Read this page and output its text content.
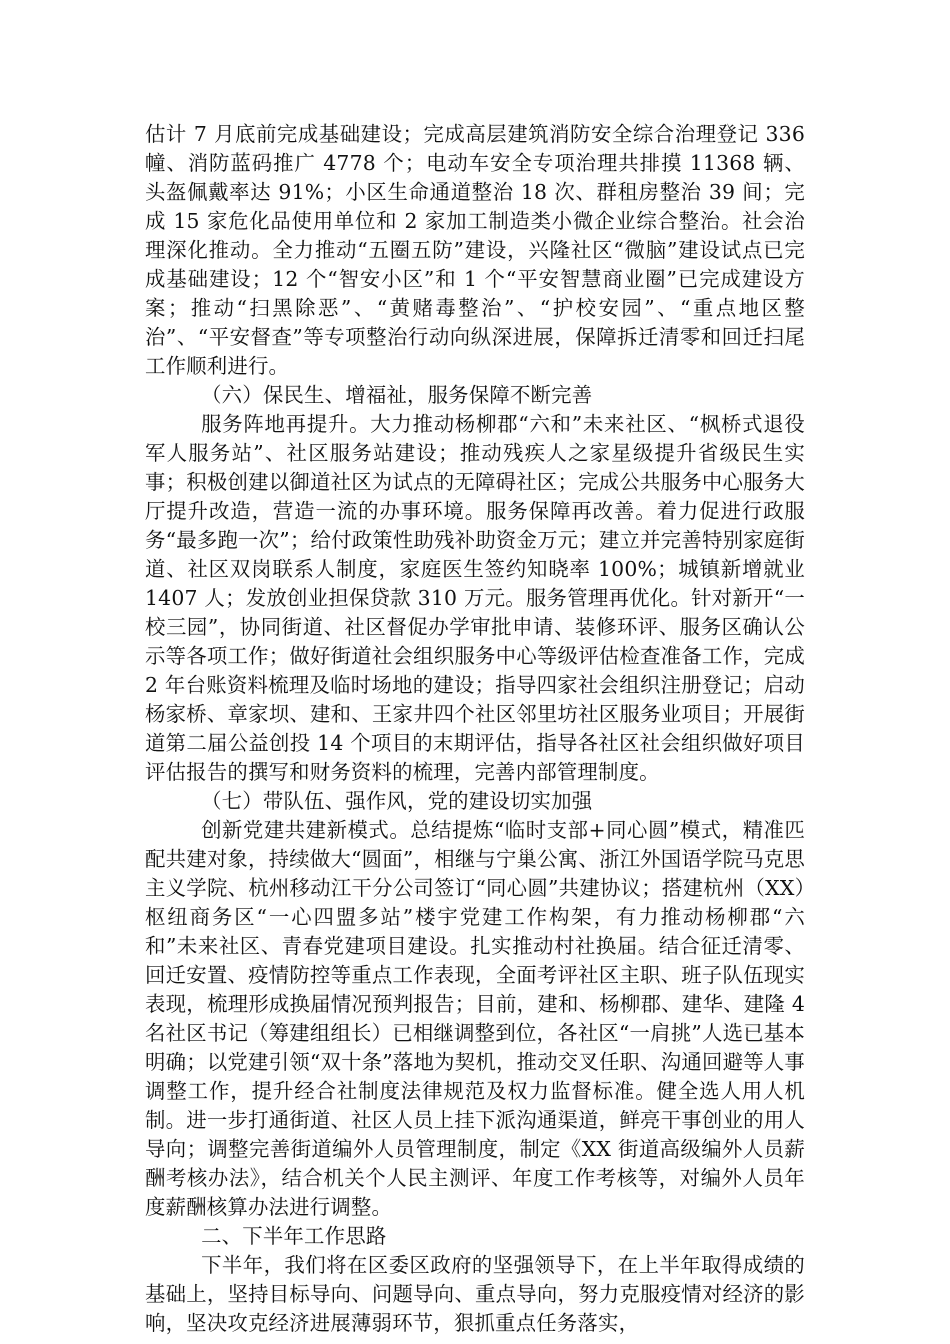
估计 7 月底前完成基础建设；完成高层建筑消防安全综合治理登记 336 幢、消防蓝码推广 4778 个；电动车安全专项治理共排摸 11368 辆、头盔佩戴率达 91%；小区生命通道整治 18 次、群租房整治 39 间；完成 15 家危化品使用单位和 2 家加工制造类小微企业综合整治。社会治理深化推动。全力推动“五圈五防”建设，兴隆社区“微脑”建设试点已完成基础建设；12 个“智安小区”和 1 个“平安智慧商业圈”已完成建设方案；推动“扫黑除恶”、“黄赌毒整治”、“护校安园”、“重点地区整治”、“平安督查”等专项整治行动向纵深进展，保障拆迁清零和回迁扫尾工作顺利进行。

（六）保民生、增福祉，服务保障不断完善

服务阵地再提升。大力推动杨柳郡“六和”未来社区、“枫桥式退役军人服务站”、社区服务站建设；推动残疾人之家星级提升省级民生实事；积极创建以御道社区为试点的无障碍社区；完成公共服务中心服务大厅提升改造，营造一流的办事环境。服务保障再改善。着力促进行政服务“最多跑一次”；给付政策性助残补助资金万元；建立并完善特别家庭街道、社区双岗联系人制度，家庭医生签约知晓率 100%；城镇新增就业 1407 人；发放创业担保贷款 310 万元。服务管理再优化。针对新开“一校三园”，协同街道、社区督促办学审批申请、装修环评、服务区确认公示等各项工作；做好街道社会组织服务中心等级评估检查准备工作，完成 2 年台账资料梳理及临时场地的建设；指导四家社会组织注册登记；启动杨家桥、章家坝、建和、王家井四个社区邻里坊社区服务业项目；开展街道第二届公益创投 14 个项目的末期评估，指导各社区社会组织做好项目评估报告的撰写和财务资料的梳理，完善内部管理制度。

（七）带队伍、强作风，党的建设切实加强

创新党建共建新模式。总结提炼“临时支部+同心圆”模式，精准匹配共建对象，持续做大“圆面”，相继与宁巢公寓、浙江外国语学院马克思主义学院、杭州移动江干分公司签订“同心圆”共建协议；搭建杭州（XX）枢纽商务区“一心四盟多站”楼宇党建工作构架，有力推动杨柳郡“六和”未来社区、青春党建项目建设。扎实推动村社换届。结合征迁清零、回迁安置、疫情防控等重点工作表现，全面考评社区主职、班子队伍现实表现，梳理形成换届情况预判报告；目前，建和、杨柳郡、建华、建隆 4 名社区书记（筹建组组长）已相继调整到位，各社区“一肩挑”人选已基本明确；以党建引领“双十条”落地为契机，推动交叉任职、沟通回避等人事调整工作，提升经合社制度法律规范及权力监督标准。健全选人用人机制。进一步打通街道、社区人员上挂下派沟通渠道，鲜亮干事创业的用人导向；调整完善街道编外人员管理制度，制定《XX 街道高级编外人员薪酬考核办法》，结合机关个人民主测评、年度工作考核等，对编外人员年度薪酬核算办法进行调整。

二、下半年工作思路

下半年，我们将在区委区政府的坚强领导下，在上半年取得成绩的基础上，坚持目标导向、问题导向、重点导向，努力克服疫情对经济的影响，坚决攻克经济进展薄弱环节，狠抓重点任务落实，
